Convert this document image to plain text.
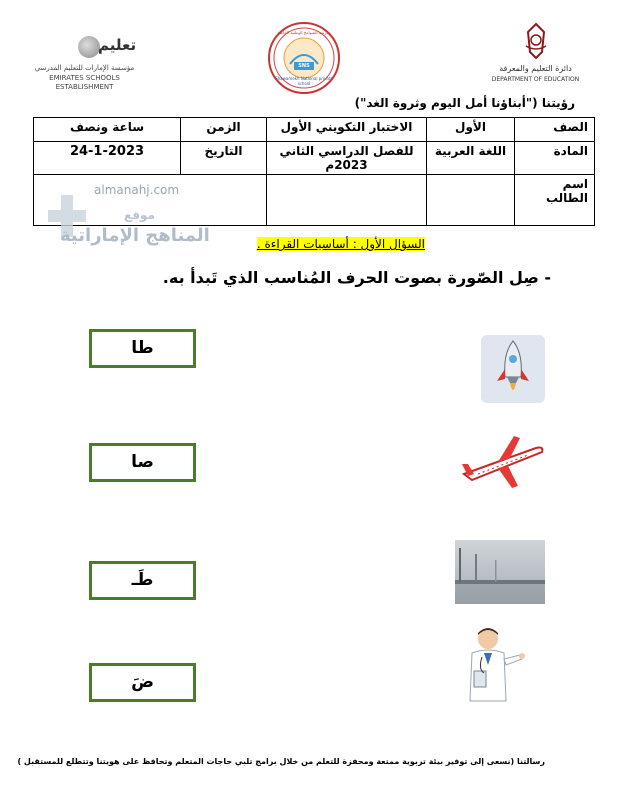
تعليم
مؤسسة الإمارات للتعليم المدرسي
EMIRATES SCHOOLS ESTABLISHMENT
SNS
مدرسة الشوامخ الوطنية الخاصة
Shawamekh National private school
دائرة التعليم والمعرفة
DEPARTMENT OF EDUCATION
رؤيتنا ("أبناؤنا أمل اليوم وثروة الغد")
الصف	الأول	الاختبار التكويني الأول	الزمن	ساعة ونصف
المادة	اللغة العربية	للفصل الدراسي الثاني 2023م	التاريخ	24-1-2023
اسم الطالب				
almanahj.com
موقع
المناهج الإماراتية	السؤال الأول : أساسيات القراءة .
- صِل الصّورة بصوت الحرف المُناسب الذي تَبدأ به.
طا
صا
طَـ
ضَ
رسالتنا (نسعى إلى توفير بيئة تربوية ممتعة ومحفزة للتعلم من خلال برامج تلبي حاجات المتعلم وتحافظ على هويتنا وتتطلع للمستقبل )
